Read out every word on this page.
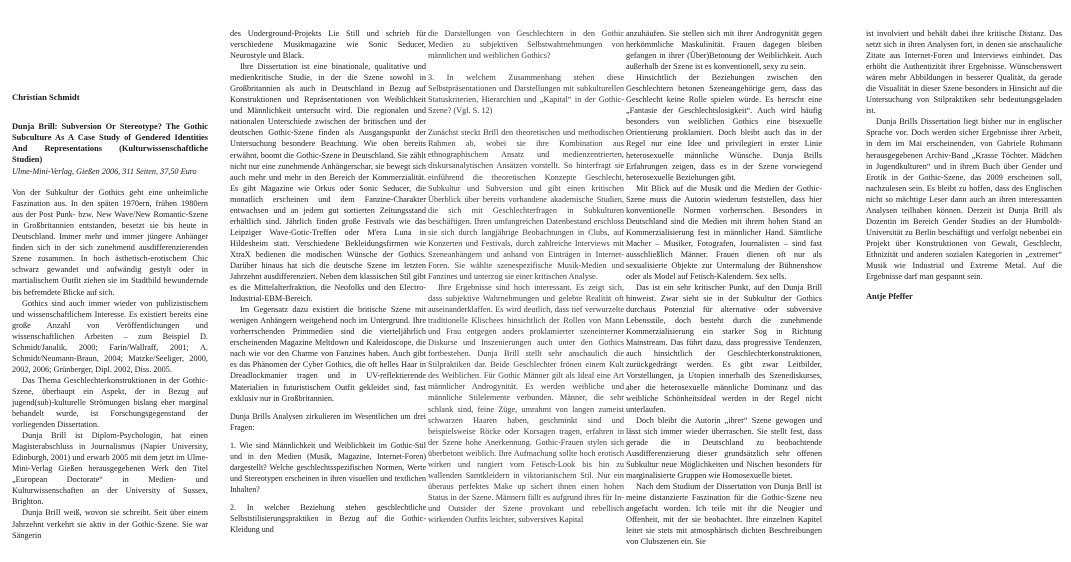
Christian Schmidt
Dunja Brill: Subversion Or Stereotype? The Gothic Subculture As A Case Study of Gendered Identities And Representations (Kulturwissenschaftliche Studien)
Ulme-Mini-Verlag, Gießen 2006, 311 Seiten, 37,50 Euro

Von der Subkultur der Gothics geht eine unheimliche Faszination aus. In den späten 1970ern, frühen 1980ern aus der Post Punk- bzw. New Wave/New Romantic-Szene in Großbritannien entstanden, besetzt sie bis heute in Deutschland. Immer mehr und immer jüngere Anhänger finden sich in der sich zunehmend ausdifferenzierenden Szene zusammen. In hoch ästhetisch-erotischem Chic schwarz gewandet und aufwändig gestylt oder in martialischem Outfit ziehen sie im Stadtbild bewundernde bis befremdete Blicke auf sich.

Gothics sind auch immer wieder von publizistischem und wissenschaftlichem Interesse. Es existiert bereits eine große Anzahl von Veröffentlichungen und wissenschaftlichen Arbeiten – zum Beispiel D. Schmidt/Janalik, 2000; Farin/Wallraff, 2001; A. Schmidt/Neumann-Braun, 2004; Matzke/Seeliger, 2000, 2002, 2006; Grünberger, Dipl. 2002, Diss. 2005.

Das Thema Geschlechterkonstruktionen in der Gothic-Szene, überhaupt ein Aspekt, der in Bezug auf jugend(sub)-kulturelle Strömungen bislang eher marginal behandelt wurde, ist Forschungsgegenstand der vorliegenden Dissertation.

Dunja Brill ist Diplom-Psychologin, hat einen Magisterabschluss in Journalismus (Napier University, Edinburgh, 2001) und erwarb 2005 mit dem jetzt im Ulme-Mini-Verlag Gießen herausgegebenen Werk den Titel „European Doctorate“ in Medien- und Kulturwissenschaften an der University of Sussex, Brighton.

Dunja Brill weiß, wovon sie schreibt. Seit über einem Jahrzehnt verkehrt sie aktiv in der Gothic-Szene. Sie war Sängerin

des Underground-Projekts Lie Still und schrieb für verschiedene Musikmagazine wie Sonic Seducer, Neurostyle und Black.

Ihre Dissertation ist eine binationale, qualitative und medienkritische Studie, in der die Szene sowohl in Großbritannien als auch in Deutschland in Bezug auf Konstruktionen und Repräsentationen von Weiblichkeit und Männlichkeit untersucht wird. Die regionalen und nationalen Unterschiede zwischen der britischen und der deutschen Gothic-Szene finden als Ausgangspunkt der Untersuchung besondere Beachtung. Wie oben bereits erwähnt, boomt die Gothic-Szene in Deutschland. Sie zählt nicht nur eine zunehmende Anhängerschar, sie bewegt sich auch mehr und mehr in den Bereich der Kommerzialität. Es gibt Magazine wie Orkus oder Sonic Seducer, die monatlich erscheinen und dem Fanzine-Charakter entwachsen und an jedem gut sortierten Zeitungsstand erhältlich sind. Jährlich finden große Festivals wie das Leipziger Wave-Gotic-Treffen oder M'era Luna in Hildesheim statt. Verschiedene Bekleidungsfirmen wie XtraX bedienen die modischen Wünsche der Gothics. Darüber hinaus hat sich die deutsche Szene im letzten Jahrzehnt ausdifferenziert. Neben dem klassischen Stil gibt es die Mittelalterfraktion, die Neofolks und den Electro-Industrial-EBM-Bereich.

Im Gegensatz dazu existiert die britische Szene mit wenigen Anhängern weitgehend noch im Untergrund. Ihre vorherrschenden Printmedien sind die vierteljährlich erscheinenden Magazine Meltdown und Kaleidoscope, die nach wie vor den Charme von Fanzines haben. Auch gibt es das Phänomen der Cyber Gothics, die oft helles Haar in Dreadlockmanier tragen und in UV-reflektierende Materialien in futuristischem Outfit gekleidet sind, fast exklusiv nur in Großbritannien.

Dunja Brills Analysen zirkulieren im Wesentlichen um drei Fragen:

1. Wie sind Männlichkeit und Weiblichkeit im Gothic-Stil und in den Medien (Musik, Magazine, Internet-Foren) dargestellt? Welche geschlechtsspezifischen Normen, Werte und Stereotypen erscheinen in ihren visuellen und textlichen Inhalten?

2. In welcher Beziehung stehen geschlechtliche Selbststilisierungspraktiken in Bezug auf die Gothic-Kleidung und

die Darstellungen von Geschlechtern in den Gothic Medien zu subjektiven Selbstwahrnehmungen von männlichen und weiblichen Gothics?

3. In welchem Zusammenhang stehen diese Selbstpräsentationen und Darstellungen mit subkulturellen Statuskriterien, Hierarchien und „Kapital“ in der Gothic-Szene? (Vgl. S. 12)

Zunächst steckt Brill den theoretischen und methodischen Rahmen ab, wobei sie ihre Kombination aus ethnographischem Ansatz und medienzentrierten, diskursanalytischen Ansätzen vorstellt. So hinterfragt sie einführend die theoretischen Konzepte Geschlecht, Subkultur und Subversion und gibt einen kritischen Überblick über bereits vorhandene akademische Studien, die sich mit Geschlechterfragen in Subkulturen beschäftigen. Ihren umfangreichen Datenbestand erschloss sie sich durch langjährige Beobachtungen in Clubs, auf Konzerten und Festivals, durch zahlreiche Interviews mit Szeneanhängern und anhand von Einträgen in Internet-Foren. Sie wählte szenespezifische Musik-Medien und Fanzines und unterzog sie einer kritischen Analyse.

Ihre Ergebnisse sind hoch interessant. Es zeigt sich, dass subjektive Wahrnehmungen und gelebte Realität oft auseinanderklaffen. Es wird deutlich, dass tief verwurzelte traditionelle Klischees hinsichtlich der Rollen von Mann und Frau entgegen anders proklamierter szeneinterner Diskurse und Inszenierungen auch unter den Gothics fortbestehen. Dunja Brill stellt sehr anschaulich die Stilpraktiken dar. Beide Geschlechter frönen einem Kult des Weiblichen. Für Gothic Männer gilt als Ideal eine Art männlicher Androgynität. Es werden weibliche und männliche Stilelemente verbunden. Männer, die sehr schlank sind, feine Züge, umrahmt von langen zumeist schwarzen Haaren haben, geschminkt sind und beispielsweise Röcke oder Korsagen tragen, erfahren in der Szene hohe Anerkennung. Gothic-Frauen stylen sich überbetont weiblich. Ihre Aufmachung sollte hoch erotisch wirken und rangiert vom Fetisch-Look bis hin zu wallenden Samtkleidern in viktorianischem Stil. Nur ein überaus perfektes Make up sichert ihnen einen hohen Status in der Szene. Männern fällt es aufgrund ihres für In- und Outsider der Szene provokant und rebellisch wirkenden Outfits leichter, subversives Kapital

anzuhäufen. Sie stellen sich mit ihrer Androgynität gegen herkömmliche Maskulinität. Frauen dagegen bleiben gefangen in ihrer (Über)Betonung der Weiblichkeit. Auch außerhalb der Szene ist es konventionell, sexy zu sein.

Hinsichtlich der Beziehungen zwischen den Geschlechtern betonen Szeneangehörige gern, dass das Geschlecht keine Rolle spielen würde. Es herrscht eine „Fantasie der Geschlechtslosigkeit“. Auch wird häufig besonders von weiblichen Gothics eine bisexuelle Orientierung proklamiert. Doch bleibt auch das in der Regel nur eine Idee und privilegiert in erster Linie heterosexuelle männliche Wünsche. Dunja Brills Erfahrungen zeigen, dass es in der Szene vorwiegend heterosexuelle Beziehungen gibt.

Mit Blick auf die Musik und die Medien der Gothic-Szene muss die Autorin wiederum feststellen, dass hier konventionelle Normen vorherrschen. Besonders in Deutschland sind die Medien mit ihrem hohen Stand an Kommerzialisierung fest in männlicher Hand. Sämtliche Macher – Musiker, Fotografen, Journalisten – sind fast ausschließlich Männer. Frauen dienen oft nur als sexualisierte Objekte zur Untermalung der Bühnenshow oder als Model auf Fetisch-Kalendern. Sex sells.

Das ist ein sehr kritischer Punkt, auf den Dunja Brill hinweist. Zwar sieht sie in der Subkultur der Gothics durchaus Potenzial für alternative oder subversive Lebensstile, doch besteht durch die zunehmende Kommerzialisierung ein starker Sog in Richtung Mainstream. Das führt dazu, dass progressive Tendenzen, auch hinsichtlich der Geschlechterkonstruktionen, zurückgedrängt werden. Es gibt zwar Leitbilder, Vorstellungen, ja Utopien innerhalb des Szenediskurses, aber die heterosexuelle männliche Dominanz und das weibliche Schönheitsideal werden in der Regel nicht unterlaufen.

Doch bleibt die Autorin „ihrer“ Szene gewogen und lässt sich immer wieder überraschen. Sie stellt fest, dass gerade die in Deutschland zu beobachtende Ausdifferenzierung dieser grundsätzlich sehr offenen Subkultur neue Möglichkeiten und Nischen besonders für marginalisierte Gruppen wie Homosexuelle bietet.

Nach dem Studium der Dissertation von Dunja Brill ist meine distanzierte Faszination für die Gothic-Szene neu angefacht worden. Ich teile mit ihr die Neugier und Offenheit, mit der sie beobachtet. Ihre einzelnen Kapitel leitet sie stets mit atmosphärisch dichten Beschreibungen von Clubszenen ein. Sie

ist involviert und behält dabei ihre kritische Distanz. Das setzt sich in ihren Analysen fort, in denen sie anschauliche Zitate aus Internet-Foren und Interviews einbindet. Das erhöht die Authentizität ihrer Ergebnisse. Wünschenswert wären mehr Abbildungen in besserer Qualität, da gerade die Visualität in dieser Szene besonders in Hinsicht auf die Untersuchung von Stilpraktiken sehr bedeutungsgeladen ist.

Dunja Brills Dissertation liegt bisher nur in englischer Sprache vor. Doch werden sicher Ergebnisse ihrer Arbeit, in dem im Mai erscheinenden, von Gabriele Rohmann herausgegebenen Archiv-Band „Krasse Töchter. Mädchen in Jugendkulturen“ und in ihrem Buch über Gender und Erotik in der Gothic-Szene, das 2009 erscheinen soll, nachzulesen sein. Es bleibt zu hoffen, dass des Englischen nicht so mächtige Leser dann auch an ihren interessanten Analysen teilhaben können. Derzeit ist Dunja Brill als Dozentin im Bereich Gender Studies an der Humboldt-Universität zu Berlin beschäftigt und verfolgt nebenbei ein Projekt über Konstruktionen von Gewalt, Geschlecht, Ethnizität und anderen sozialen Kategorien in „extremer“ Musik wie Industrial und Extreme Metal. Auf die Ergebnisse darf man gespannt sein.

Antje Pfeffer
